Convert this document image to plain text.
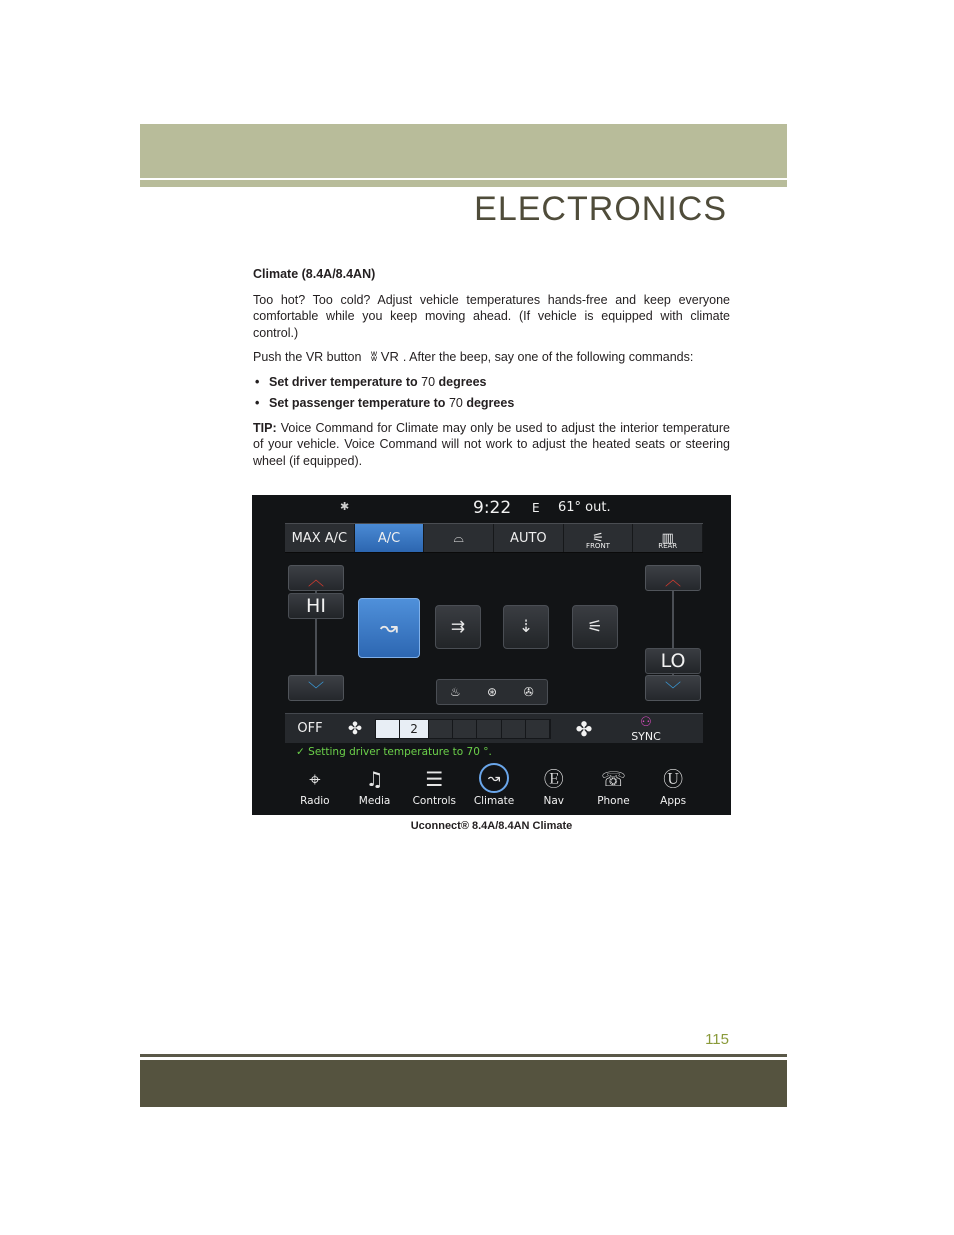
ELECTRONICS
Climate (8.4A/8.4AN)

Too hot? Too cold? Adjust vehicle temperatures hands-free and keep everyone comfortable while you keep moving ahead. (If vehicle is equipped with climate control.)

Push the VR button ʬ VR . After the beep, say one of the following commands:

• Set driver temperature to 70 degrees
• Set passenger temperature to 70 degrees

TIP: Voice Command for Climate may only be used to adjust the interior temperature of your vehicle. Voice Command will not work to adjust the heated seats or steering wheel (if equipped).

✱	9:22 E 61° out.
MAX A/C A/C	⌓	AUTO	⚟
FRONT
▥
REAR
︿
HI
﹀
︿
LO
﹀
↝	⇉	⇣	⚟
♨	⊛	✇
OFF	✤	2	✤	⚇
SYNC
✓ Setting driver temperature to 70 °.
⌖
Radio
♫
Media
☰
Controls
↝
Climate
Ⓔ
Nav
☏
Phone
Ⓤ
Apps
Uconnect® 8.4A/8.4AN Climate
115
